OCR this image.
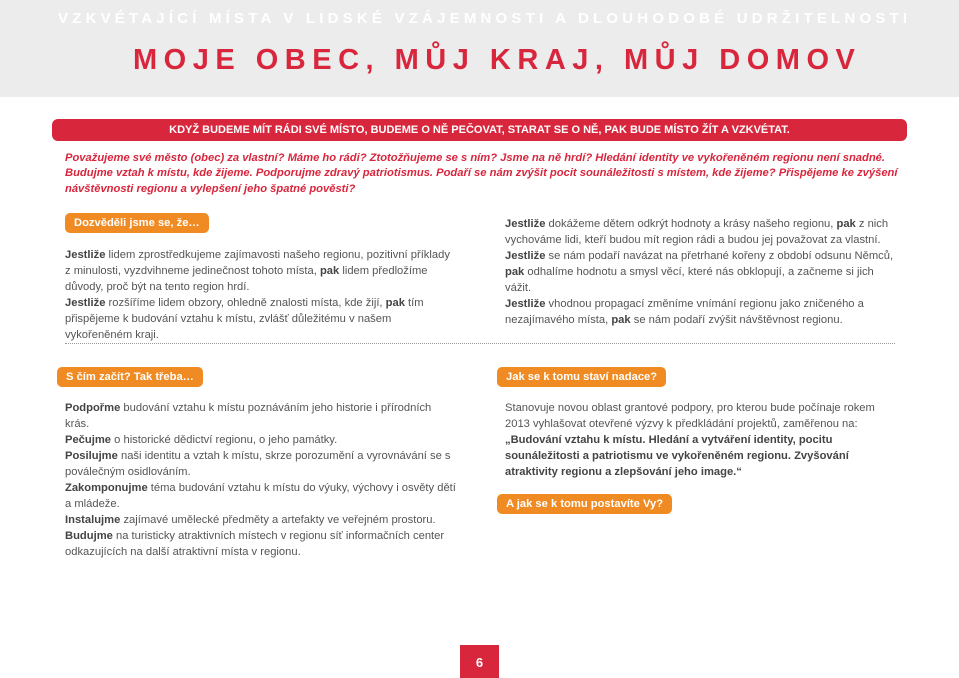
VZKVÉTAJÍCÍ MÍSTA V LIDSKÉ VZÁJEMNOSTI A DLOUHODOBÉ UDRŽITELNOSTI
MOJE OBEC, MŮJ KRAJ, MŮJ DOMOV
KDYŽ BUDEME MÍT RÁDI SVÉ MÍSTO, BUDEME O NĚ PEČOVAT, STARAT SE O NĚ, PAK BUDE MÍSTO ŽÍT A VZKVÉTAT.
Považujeme své město (obec) za vlastní? Máme ho rádi? Ztotožňujeme se s ním? Jsme na ně hrdí? Hledání identity ve vykořeněném regionu není snadné.
Budujme vztah k místu, kde žijeme. Podporujme zdravý patriotismus. Podaří se nám zvýšit pocit sounáležitosti s místem, kde žijeme? Přispějeme ke zvýšení
návštěvnosti regionu a vylepšení jeho špatné pověsti?
Dozvěděli jsme se, že…

Jestliže lidem zprostředkujeme zajímavosti našeho regionu, pozitivní příklady z minulosti, vyzdvihneme jedinečnost tohoto místa, pak lidem předložíme důvody, proč být na tento region hrdí.

Jestliže rozšíříme lidem obzory, ohledně znalosti místa, kde žijí, pak tím přispějeme k budování vztahu k místu, zvlášť důležitému v našem vykořeněném kraji.

Jestliže dokážeme dětem odkrýt hodnoty a krásy našeho regionu, pak z nich vychováme lidi, kteří budou mít region rádi a budou jej považovat za vlastní.

Jestliže se nám podaří navázat na přetrhané kořeny z období odsunu Němců, pak odhalíme hodnotu a smysl věcí, které nás obklopují, a začneme si jich vážit.

Jestliže vhodnou propagací změníme vnímání regionu jako zničeného a nezajímavého místa, pak se nám podaří zvýšit návštěvnost regionu.

S čím začít? Tak třeba…

Podpořme budování vztahu k místu poznáváním jeho historie i přírodních krás.

Pečujme o historické dědictví regionu, o jeho památky.

Posilujme naši identitu a vztah k místu, skrze porozumění a vyrovnávání se s poválečným osidlováním.

Zakomponujme téma budování vztahu k místu do výuky, výchovy i osvěty dětí a mládeže.

Instalujme zajímavé umělecké předměty a artefakty ve veřejném prostoru.

Budujme na turisticky atraktivních místech v regionu síť informačních center odkazujících na další atraktivní místa v regionu.

Jak se k tomu staví nadace?

Stanovuje novou oblast grantové podpory, pro kterou bude počínaje rokem 2013 vyhlašovat otevřené výzvy k předkládání projektů, zaměřenou na:

„Budování vztahu k místu. Hledání a vytváření identity, pocitu sounáležitosti a patriotismu ve vykořeněném regionu. Zvyšování atraktivity regionu a zlepšování jeho image.“

A jak se k tomu postavíte Vy?
6
